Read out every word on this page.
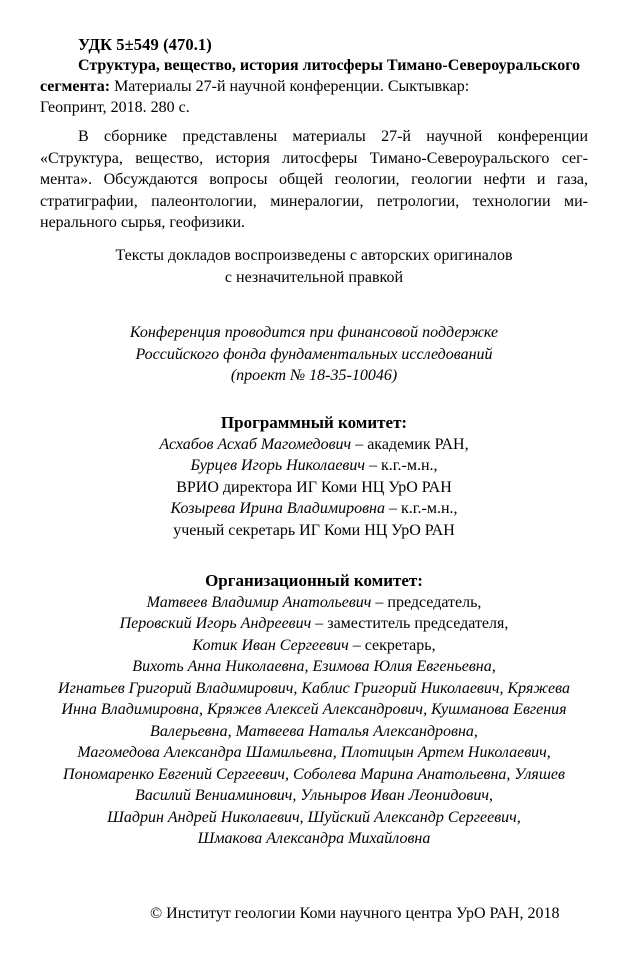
УДК 5±549 (470.1)
Структура, вещество, история литосферы Тимано-Североуральского
сегмента: Материалы 27-й научной конференции. Сыктывкар:
Геопринт, 2018. 280 с.
В сборнике представлены материалы 27-й научной конференции
«Структура, вещество, история литосферы Тимано-Североуральского сег-
мента». Обсуждаются вопросы общей геологии, геологии нефти и газа,
стратиграфии, палеонтологии, минералогии, петрологии, технологии ми-
нерального сырья, геофизики.
Тексты докладов воспроизведены с авторских оригиналов
с незначительной правкой
Конференция проводится при финансовой поддержке
Российского фонда фундаментальных исследований
(проект № 18-35-10046)
Программный комитет:
Асхабов Асхаб Магомедович – академик РАН,
Бурцев Игорь Николаевич – к.г.-м.н.,
ВРИО директора ИГ Коми НЦ УрО РАН
Козырева Ирина Владимировна – к.г.-м.н.,
ученый секретарь ИГ Коми НЦ УрО РАН
Организационный комитет:
Матвеев Владимир Анатольевич – председатель,
Перовский Игорь Андреевич – заместитель председателя,
Котик Иван Сергеевич – секретарь,
Вихоть Анна Николаевна, Езимова Юлия Евгеньевна,
Игнатьев Григорий Владимирович, Каблис Григорий Николаевич, Кряжева
Инна Владимировна, Кряжев Алексей Александрович, Кушманова Евгения
Валерьевна, Матвеева Наталья Александровна,
Магомедова Александра Шамильевна, Плотицын Артем Николаевич,
Пономаренко Евгений Сергеевич, Соболева Марина Анатольевна, Уляшев
Василий Вениаминович, Ульныров Иван Леонидович,
Шадрин Андрей Николаевич, Шуйский Александр Сергеевич,
Шмакова Александра Михайловна
© Институт геологии Коми научного центра УрО РАН, 2018
